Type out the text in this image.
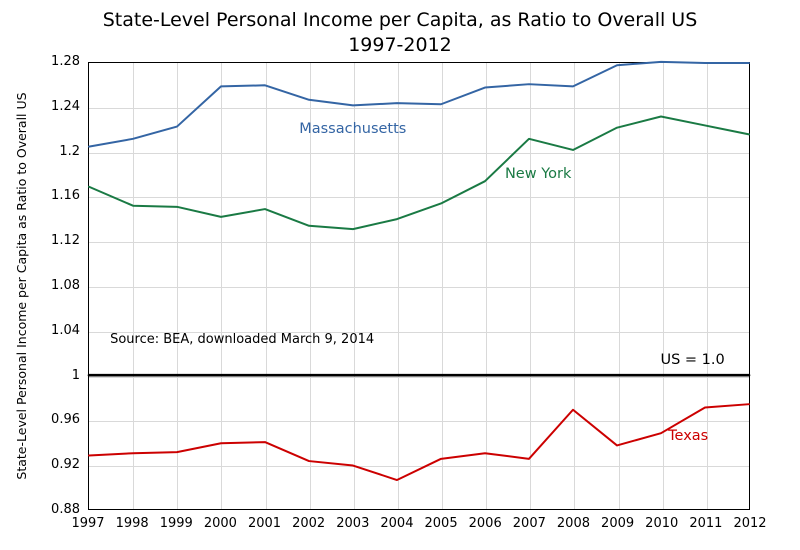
State-Level Personal Income per Capita, as Ratio to Overall US
1997-2012
State-Level Personal Income per Capita as Ratio to Overall US
0.88
0.92
0.96
1
1.04
1.08
1.12
1.16
1.2
1.24
1.28
1997 1998 1999 2000 2001 2002 2003 2004 2005 2006 2007 2008 2009 2010 2011 2012
Massachusetts
New York
Texas
US = 1.0
Source: BEA, downloaded March 9, 2014
